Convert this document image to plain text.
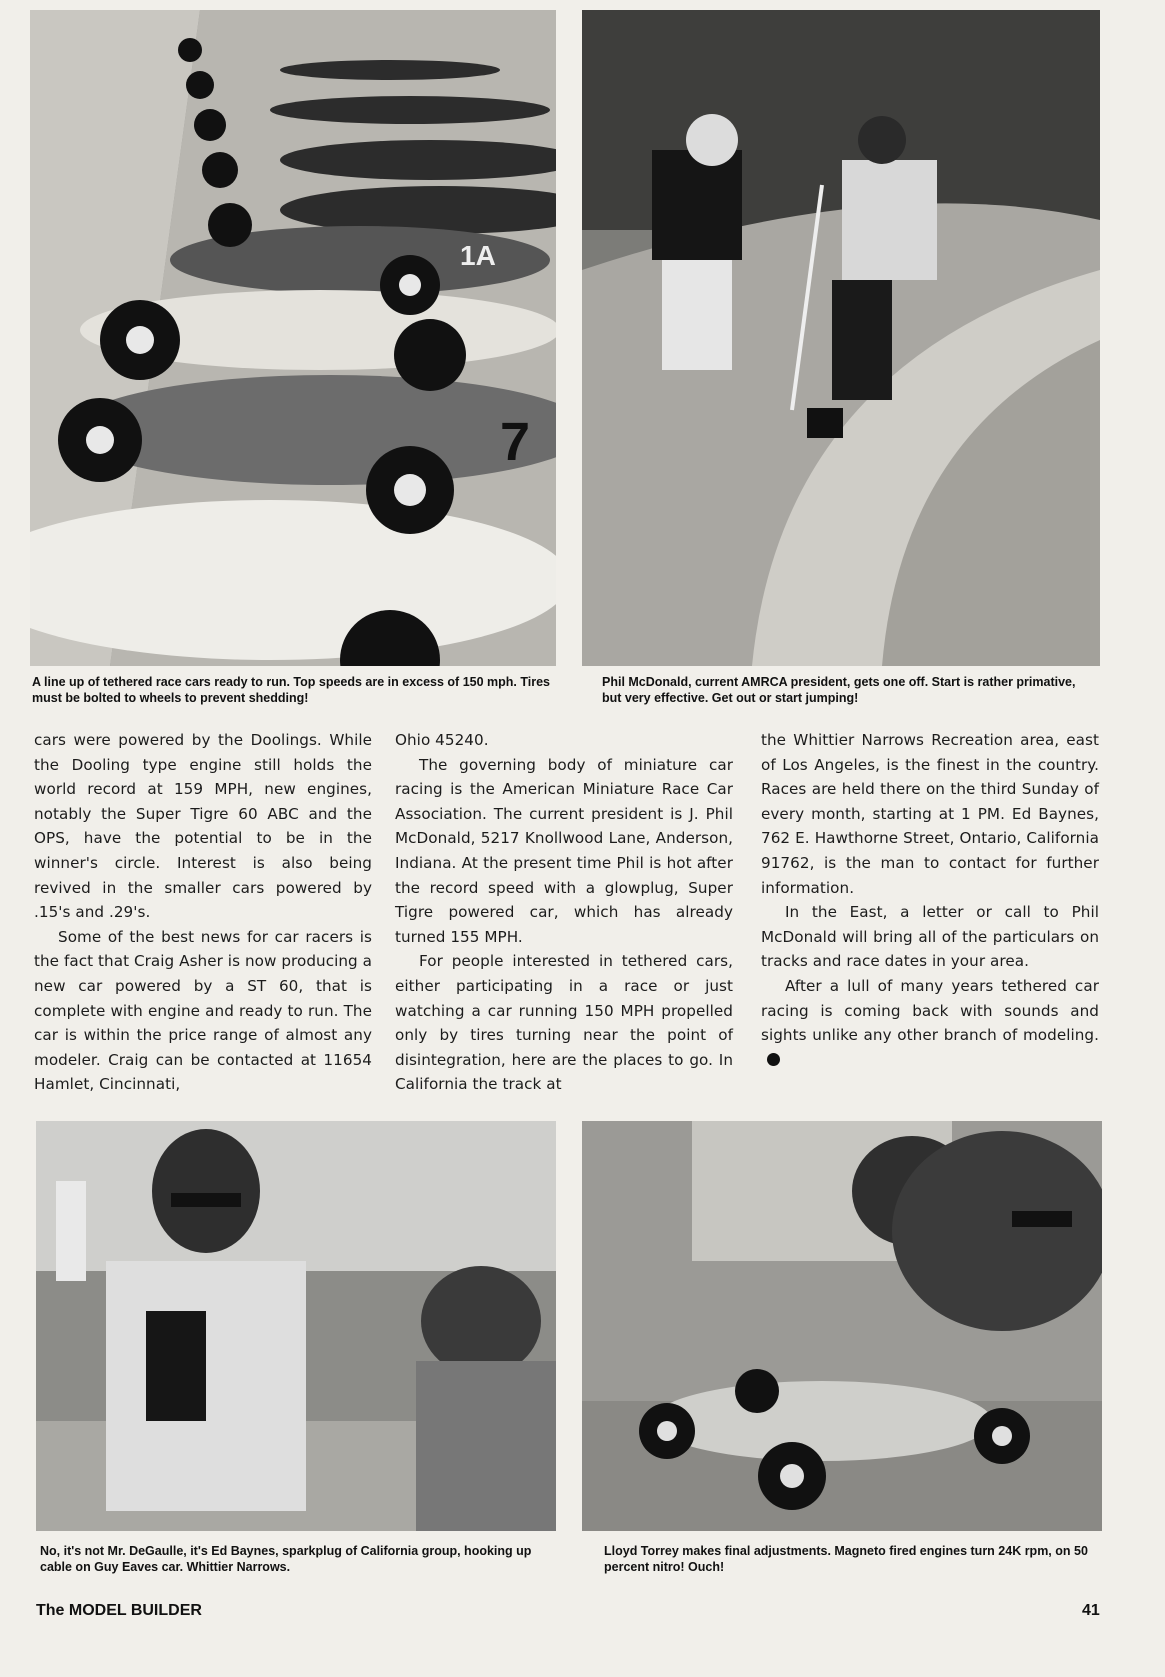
7
1A
A line up of tethered race cars ready to run. Top speeds are in excess of 150 mph. Tires must be bolted to wheels to prevent shedding!
Phil McDonald, current AMRCA president, gets one off. Start is rather primative, but very effective. Get out or start jumping!

cars were powered by the Doolings. While the Dooling type engine still holds the world record at 159 MPH, new engines, notably the Super Tigre 60 ABC and the OPS, have the potential to be in the winner's circle. Interest is also being revived in the smaller cars powered by .15's and .29's.

Some of the best news for car racers is the fact that Craig Asher is now producing a new car powered by a ST 60, that is complete with engine and ready to run. The car is within the price range of almost any modeler. Craig can be contacted at 11654 Hamlet, Cincinnati,

Ohio 45240.

The governing body of miniature car racing is the American Miniature Race Car Association. The current president is J. Phil McDonald, 5217 Knollwood Lane, Anderson, Indiana. At the present time Phil is hot after the record speed with a glowplug, Super Tigre powered car, which has already turned 155 MPH.

For people interested in tethered cars, either participating in a race or just watching a car running 150 MPH propelled only by tires turning near the point of disintegration, here are the places to go. In California the track at

the Whittier Narrows Recreation area, east of Los Angeles, is the finest in the country. Races are held there on the third Sunday of every month, starting at 1 PM. Ed Baynes, 762 E. Hawthorne Street, Ontario, California 91762, is the man to contact for further information.

In the East, a letter or call to Phil McDonald will bring all of the particulars on tracks and race dates in your area.

After a lull of many years tethered car racing is coming back with sounds and sights unlike any other branch of modeling.

No, it's not Mr. DeGaulle, it's Ed Baynes, sparkplug of California group, hooking up cable on Guy Eaves car. Whittier Narrows.
Lloyd Torrey makes final adjustments. Magneto fired engines turn 24K rpm, on 50 percent nitro! Ouch!
The MODEL BUILDER	41
